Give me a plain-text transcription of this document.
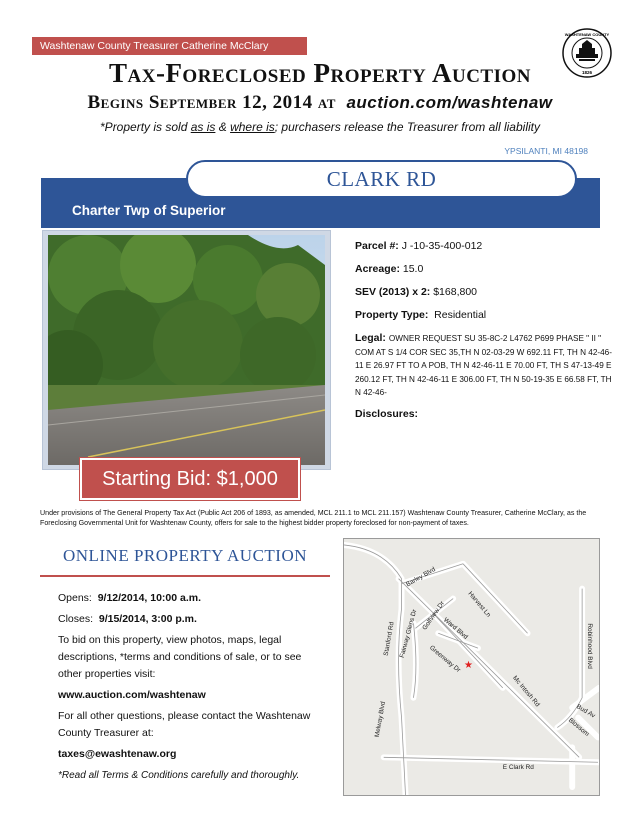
Washtenaw County Treasurer Catherine McClary Presents:
WASHTENAW COUNTY
1826
Tax-Foreclosed Property Auction
Begins September 12, 2014 at auction.com/washtenaw
*Property is sold as is & where is; purchasers release the Treasurer from all liability
YPSILANTI, MI 48198
CLARK RD
Charter Twp of Superior
Starting Bid: $1,000
Parcel #: J -10-35-400-012
Acreage: 15.0
SEV (2013) x 2: $168,800
Property Type: Residential
Legal: OWNER REQUEST SU 35-8C-2 L4762 P699 PHASE " II " COM AT S 1/4 COR SEC 35,TH N 02-03-29 W 692.11 FT, TH N 42-46-11 E 26.97 FT TO A POB, TH N 42-46-11 E 70.00 FT, TH S 47-13-49 E 260.12 FT, TH N 42-46-11 E 306.00 FT, TH N 50-19-35 E 66.58 FT, TH N 42-46-
Disclosures:
Under provisions of The General Property Tax Act (Public Act 206 of 1893, as amended, MCL 211.1 to MCL 211.157) Washtenaw County Treasurer, Catherine McClary, as the Foreclosing Governmental Unit for Washtenaw County, offers for sale to the highest bidder property foreclosed for non-payment of taxes.
ONLINE PROPERTY AUCTION

Opens: 9/12/2014, 10:00 a.m.

Closes: 9/15/2014, 3:00 p.m.

To bid on this property, view photos, maps, legal descriptions, *terms and conditions of sale, or to see other properties visit:

www.auction.com/washtenaw

For all other questions, please contact the Washtenaw County Treasurer at:

taxes@ewashtenaw.org

*Read all Terms & Conditions carefully and thoroughly.

Stanford Rd Fairway Glens Dr Golfview Dr
Greenway Dr
Ward Blvd
Barley Blvd
Harvest Ln
Mc Intosh Rd
Melway Blvd
Robinhood Blvd
Bud Av
Blossom
E Clark Rd
★
